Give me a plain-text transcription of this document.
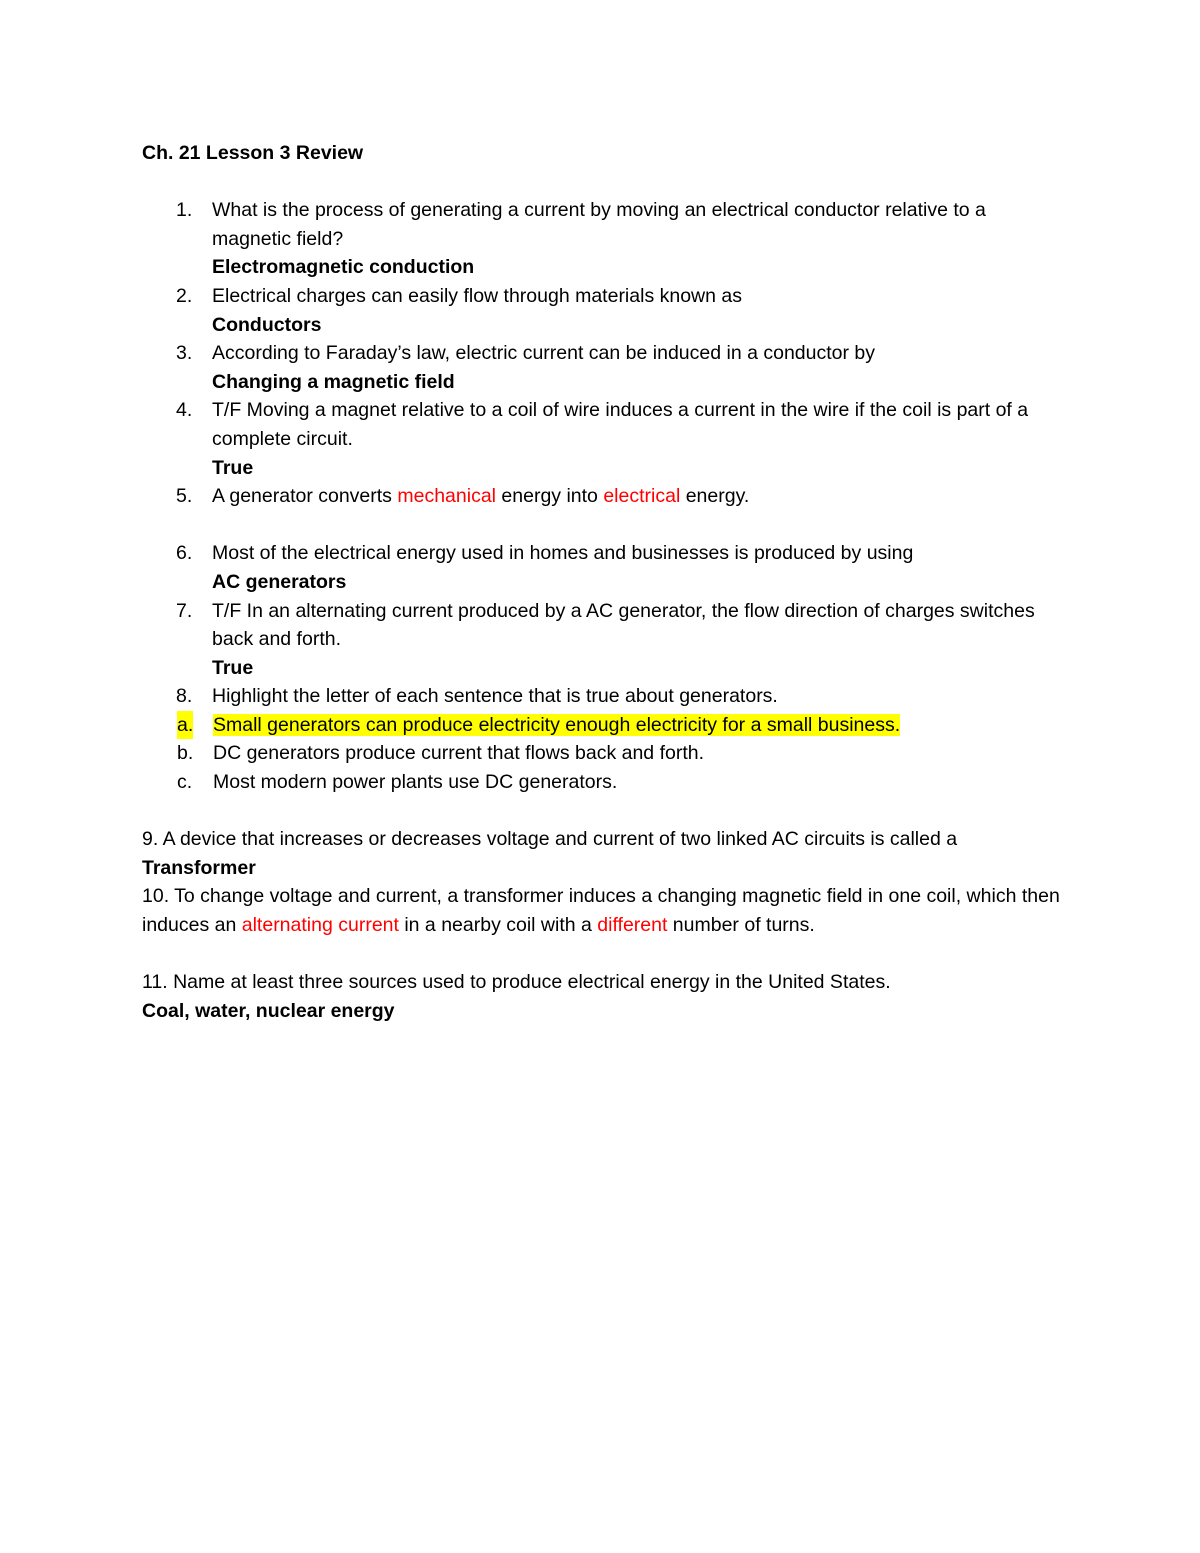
Ch. 21 Lesson 3 Review
1. What is the process of generating a current by moving an electrical conductor relative to a magnetic field?
Electromagnetic conduction
2. Electrical charges can easily flow through materials known as
Conductors
3. According to Faraday’s law, electric current can be induced in a conductor by
Changing a magnetic field
4. T/F Moving a magnet relative to a coil of wire induces a current in the wire if the coil is part of a complete circuit.
True
5. A generator converts mechanical energy into electrical energy.
6. Most of the electrical energy used in homes and businesses is produced by using
AC generators
7. T/F In an alternating current produced by a AC generator, the flow direction of charges switches back and forth.
True
8. Highlight the letter of each sentence that is true about generators.
a. Small generators can produce electricity enough electricity for a small business.
b. DC generators produce current that flows back and forth.
c. Most modern power plants use DC generators.
9. A device that increases or decreases voltage and current of two linked AC circuits is called a
Transformer
10. To change voltage and current, a transformer induces a changing magnetic field in one coil, which then induces an alternating current in a nearby coil with a different number of turns.
11. Name at least three sources used to produce electrical energy in the United States.
Coal, water, nuclear energy
